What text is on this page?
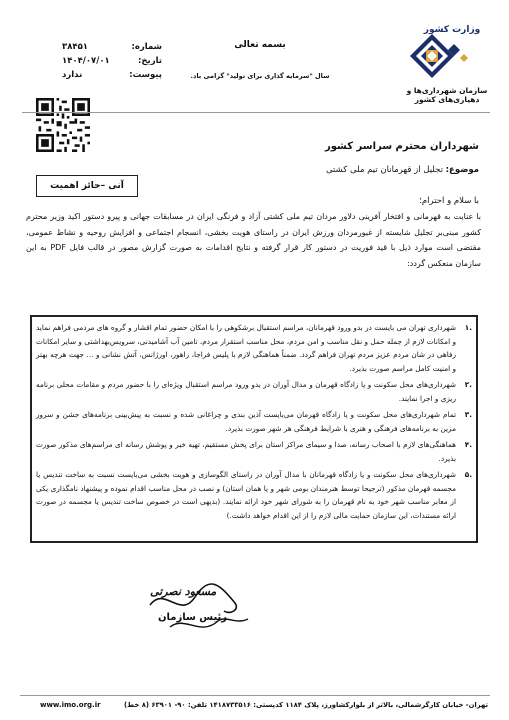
شماره:
۳۸۴۵۱
تاریخ:
۱۴۰۴/۰۷/۰۱
پیوست:
ندارد
بسمه تعالی
سال "سرمایه گذاری برای تولید" گرامی باد.
وزارت کشور
سازمان شهرداری‌ها و دهیاری‌های کشور
شهرداران محترم سراسر کشور
موضوع: تجلیل از قهرمانان تیم ملی کشتی
آنی –حائز اهمیت
با سلام و احترام؛
با عنایت به قهرمانی و افتخار آفرینی دلاور مردان تیم ملی کشتی آزاد و فرنگی ایران در مسابقات جهانی و پیرو دستور اکید وزیر محترم کشور مبنی‌بر تجلیل شایسته از غیورمردان ورزش ایران در راستای هویت بخشی، انسجام اجتماعی و افزایش روحیه و نشاط عمومی، مقتضی است موارد ذیل با قید فوریت در دستور کار قرار گرفته و نتایج اقدامات به صورت گزارش مصور در قالب فایل PDF به این سازمان منعکس گردد:
۱.
شهرداری تهران می بایست در بدو ورود قهرمانان، مراسم استقبال برشکوهی را با امکان حضور تمام اقشار و گروه های مردمی فراهم نماید و امکانات لازم از جمله حمل و نقل مناسب و امن مردم، محل مناسب استقرار مردم، تامین آب آشامیدنی، سرویس‌بهداشتی و سایر امکانات رفاهی در شان مردم عزیز مردم تهران فراهم گردد. ضمناً هماهنگی لازم با پلیس فراجا، راهور، اورژانس، آتش نشانی و ... جهت هرچه بهتر و امنیت کامل مراسم صورت بذیرد.
۲.
شهرداری‌های محل سکونت و یا زادگاه قهرمان و مدال آوران در بدو ورود مراسم استقبال ویژه‌ای را با حضور مردم و مقامات محلی برنامه ریزی و اجرا نمایند.
۳.
تمام شهرداری‌های محل سکونت و یا زادگاه قهرمان می‌بایست آذین بندی و چراغانی شده و نسبت به پیش‌بینی برنامه‌های جشن و سرور مزین به برنامه‌های فرهنگی و هنری با شرایط فرهنگی هر شهر صورت بذیرد.
۴.
هماهنگی‌های لازم با اصحاب رسانه، صدا و سیمای مراکز استان برای پخش مستقیم، تهیه خبر و پوشش رسانه ای مراسم‌های مذکور صورت بذیرد.
۵.
شهرداری‌های محل سکونت و یا زادگاه قهرمانان با مدال آوران در راستای الگوسازی و هویت بخشی می‌بایست نسبت به ساخت تندیس یا مجسمه قهرمان مذکور (ترجیحا توسط هنرمندان بومی شهر و یا همان استان) و نصب در محل مناسب اقدام نموده و پیشنهاد نامگذاری یکی از معابر مناسب شهر خود به نام قهرمان را به شورای شهر خود ارائه نمایند. (بدیهی است در خصوص ساخت تندیس یا مجسمه در صورت ارائه مستندات، این سازمان حمایت مالی لازم را از این اقدام خواهد داشت.)
مسعود نصرتی
رئیس سازمان
تهران- خیابان کارگرشمالی، بالاتر از بلوارکشاورز، پلاک ۱۱۸۴ کدپستی: ۱۴۱۸۷۳۳۵۱۶ تلفن: ۹۰- ۶۳۹۰۱ (۸ خط)
www.imo.org.ir
